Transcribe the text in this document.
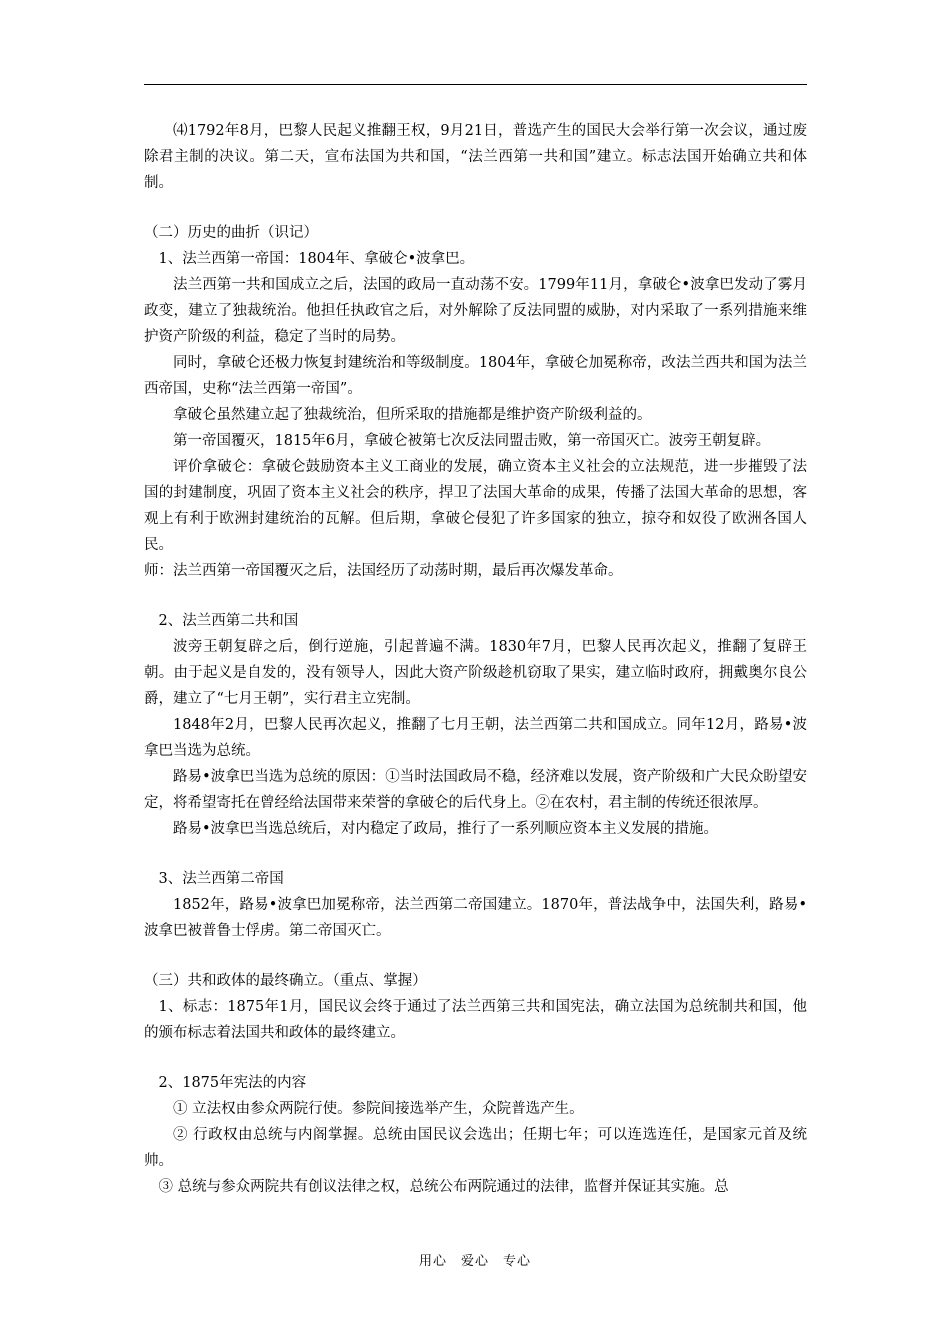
⑷1792年8月，巴黎人民起义推翻王权，9月21日，普选产生的国民大会举行第一次会议，通过废除君主制的决议。第二天，宣布法国为共和国，“法兰西第一共和国”建立。标志法国开始确立共和体制。

（二）历史的曲折（识记）

1、法兰西第一帝国：1804年、拿破仑•波拿巴。

法兰西第一共和国成立之后，法国的政局一直动荡不安。1799年11月，拿破仑•波拿巴发动了雾月政变，建立了独裁统治。他担任执政官之后，对外解除了反法同盟的威胁，对内采取了一系列措施来维护资产阶级的利益，稳定了当时的局势。

同时，拿破仑还极力恢复封建统治和等级制度。1804年，拿破仑加冕称帝，改法兰西共和国为法兰西帝国，史称“法兰西第一帝国”。

拿破仑虽然建立起了独裁统治，但所采取的措施都是维护资产阶级利益的。

第一帝国覆灭，1815年6月，拿破仑被第七次反法同盟击败，第一帝国灭亡。波旁王朝复辟。

评价拿破仑：拿破仑鼓励资本主义工商业的发展，确立资本主义社会的立法规范，进一步摧毁了法国的封建制度，巩固了资本主义社会的秩序，捍卫了法国大革命的成果，传播了法国大革命的思想，客观上有利于欧洲封建统治的瓦解。但后期，拿破仑侵犯了许多国家的独立，掠夺和奴役了欧洲各国人民。

师：法兰西第一帝国覆灭之后，法国经历了动荡时期，最后再次爆发革命。

2、法兰西第二共和国

波旁王朝复辟之后，倒行逆施，引起普遍不满。1830年7月，巴黎人民再次起义，推翻了复辟王朝。由于起义是自发的，没有领导人，因此大资产阶级趁机窃取了果实，建立临时政府，拥戴奥尔良公爵，建立了“七月王朝”，实行君主立宪制。

1848年2月，巴黎人民再次起义，推翻了七月王朝，法兰西第二共和国成立。同年12月，路易•波拿巴当选为总统。

路易•波拿巴当选为总统的原因：①当时法国政局不稳，经济难以发展，资产阶级和广大民众盼望安定，将希望寄托在曾经给法国带来荣誉的拿破仑的后代身上。②在农村，君主制的传统还很浓厚。

路易•波拿巴当选总统后，对内稳定了政局，推行了一系列顺应资本主义发展的措施。

3、法兰西第二帝国

1852年，路易•波拿巴加冕称帝，法兰西第二帝国建立。1870年，普法战争中，法国失利，路易•波拿巴被普鲁士俘虏。第二帝国灭亡。

（三）共和政体的最终确立。（重点、掌握）

1、标志：1875年1月，国民议会终于通过了法兰西第三共和国宪法，确立法国为总统制共和国，他的颁布标志着法国共和政体的最终建立。

2、1875年宪法的内容

① 立法权由参众两院行使。参院间接选举产生，众院普选产生。

② 行政权由总统与内阁掌握。总统由国民议会选出；任期七年；可以连选连任，是国家元首及统帅。

③ 总统与参众两院共有创议法律之权，总统公布两院通过的法律，监督并保证其实施。总

用心　爱心　专心
